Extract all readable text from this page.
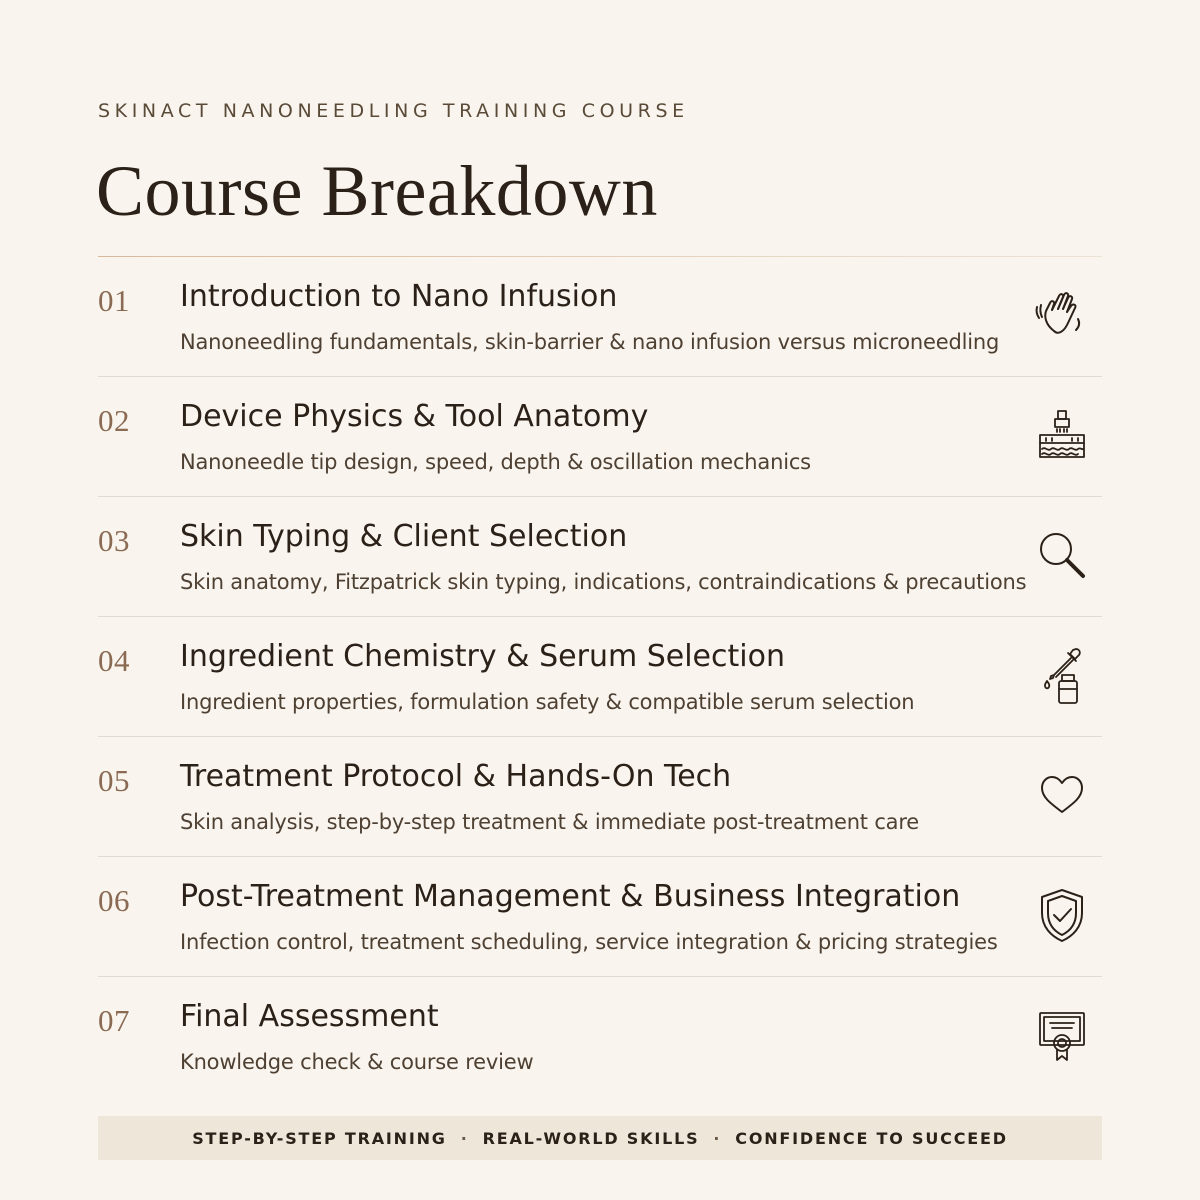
SKINACT NANONEEDLING TRAINING COURSE
Course Breakdown
01 Introduction to Nano Infusion
Nanoneedling fundamentals, skin-barrier & nano infusion versus microneedling
02 Device Physics & Tool Anatomy
Nanoneedle tip design, speed, depth & oscillation mechanics
03 Skin Typing & Client Selection
Skin anatomy, Fitzpatrick skin typing, indications, contraindications & precautions
04 Ingredient Chemistry & Serum Selection
Ingredient properties, formulation safety & compatible serum selection
05 Treatment Protocol & Hands-On Tech
Skin analysis, step-by-step treatment & immediate post-treatment care
06 Post-Treatment Management & Business Integration
Infection control, treatment scheduling, service integration & pricing strategies
07 Final Assessment
Knowledge check & course review
STEP-BY-STEP TRAINING · REAL-WORLD SKILLS · CONFIDENCE TO SUCCEED
